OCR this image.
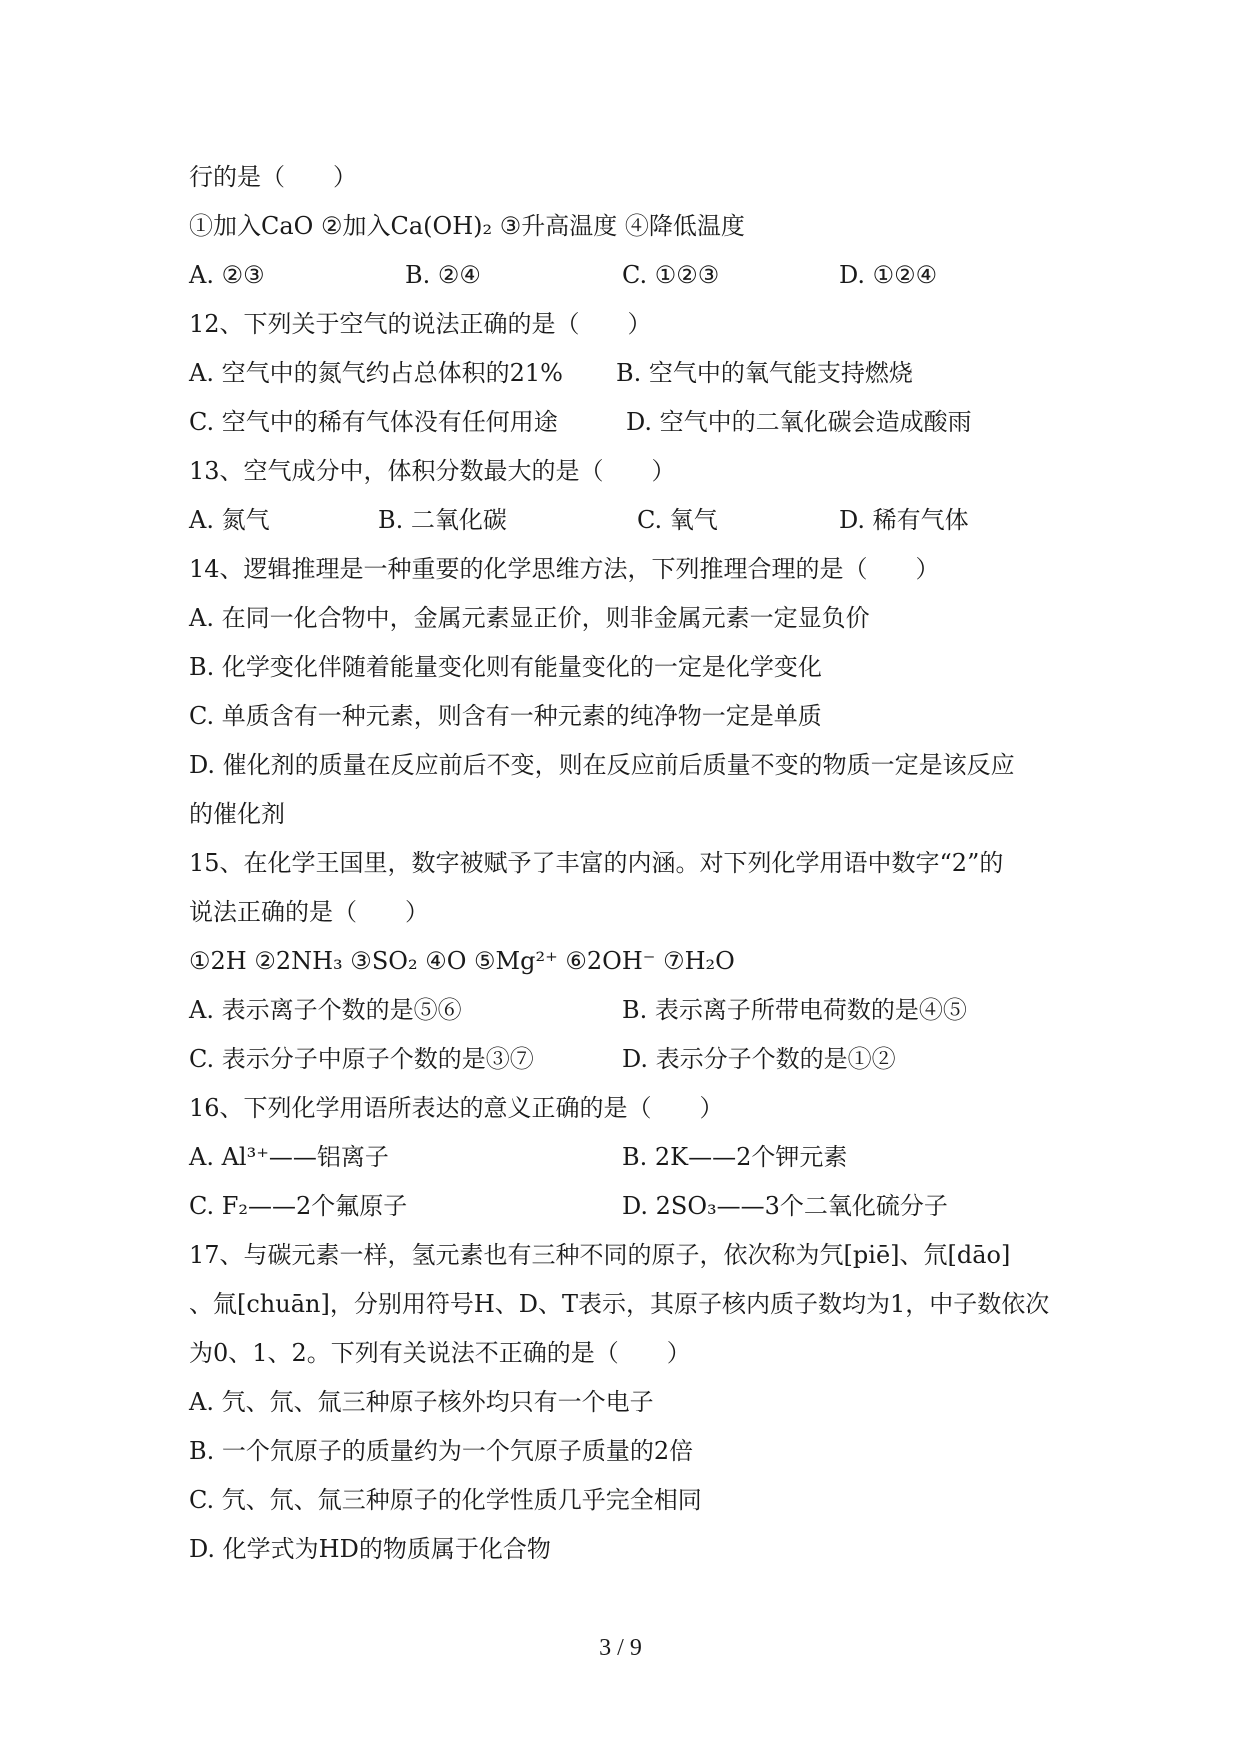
行的是（　　）
①加入CaO ②加入Ca(OH)₂ ③升高温度 ④降低温度
A. ②③	B. ②④	C. ①②③	D. ①②④
12、下列关于空气的说法正确的是（　　）
A. 空气中的氮气约占总体积的21% B. 空气中的氧气能支持燃烧
C. 空气中的稀有气体没有任何用途	D. 空气中的二氧化碳会造成酸雨
13、空气成分中，体积分数最大的是（　　）
A. 氮气	B. 二氧化碳	C. 氧气	D. 稀有气体
14、逻辑推理是一种重要的化学思维方法，下列推理合理的是（　　）
A. 在同一化合物中，金属元素显正价，则非金属元素一定显负价
B. 化学变化伴随着能量变化则有能量变化的一定是化学变化
C. 单质含有一种元素，则含有一种元素的纯净物一定是单质
D. 催化剂的质量在反应前后不变，则在反应前后质量不变的物质一定是该反应
的催化剂
15、在化学王国里，数字被赋予了丰富的内涵。对下列化学用语中数字“2”的
说法正确的是（　　）
①2H ②2NH₃ ③SO₂ ④O ⑤Mg²⁺ ⑥2OH⁻ ⑦H₂O
A. 表示离子个数的是⑤⑥	B. 表示离子所带电荷数的是④⑤
C. 表示分子中原子个数的是③⑦	D. 表示分子个数的是①②
16、下列化学用语所表达的意义正确的是（　　）
A. Al³⁺——铝离子	B. 2K——2个钾元素
C. F₂——2个氟原子	D. 2SO₃——3个二氧化硫分子
17、与碳元素一样，氢元素也有三种不同的原子，依次称为氕[piē]、氘[dāo]
、氚[chuān]，分别用符号H、D、T表示，其原子核内质子数均为1，中子数依次
为0、1、2。下列有关说法不正确的是（　　）
A. 氕、氘、氚三种原子核外均只有一个电子
B. 一个氘原子的质量约为一个氕原子质量的2倍
C. 氕、氘、氚三种原子的化学性质几乎完全相同
D. 化学式为HD的物质属于化合物
3 / 9
